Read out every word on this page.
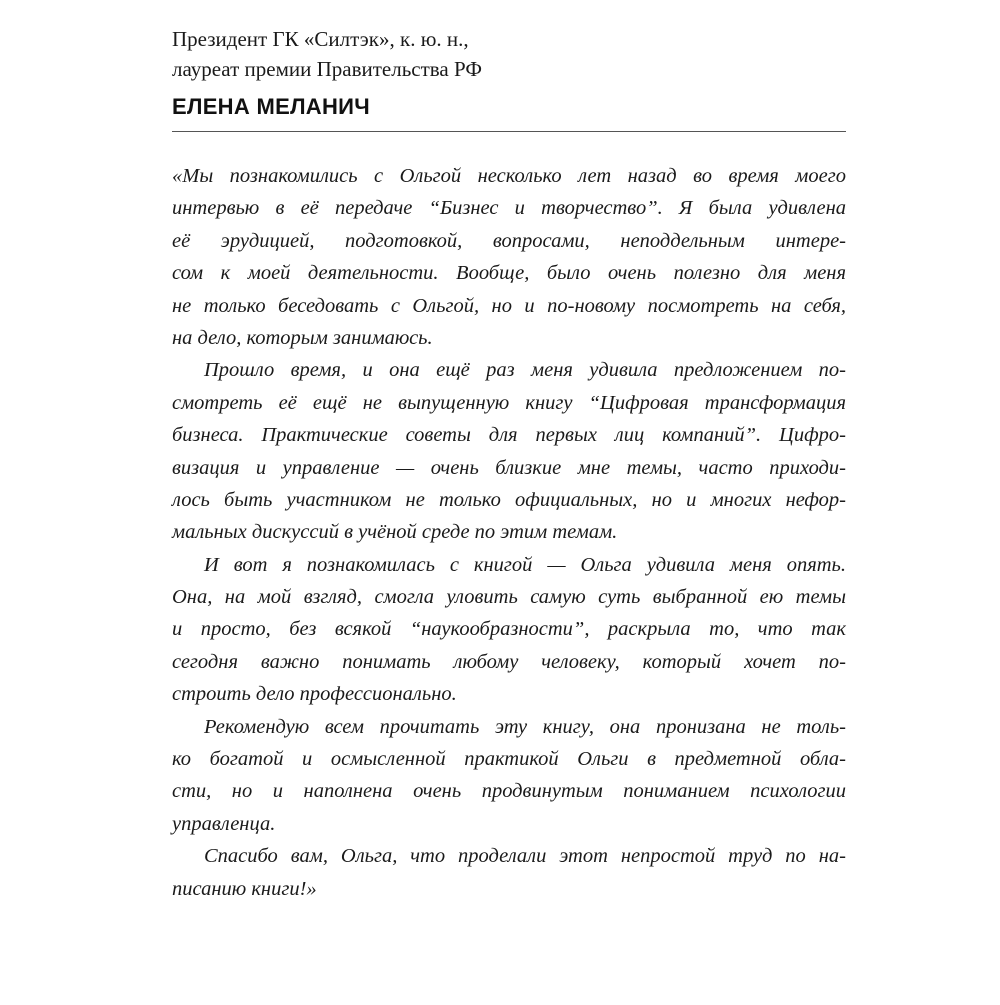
Президент ГК «Силтэк», к. ю. н.,
лауреат премии Правительства РФ
ЕЛЕНА МЕЛАНИЧ
«Мы познакомились с Ольгой несколько лет назад во время моего
интервью в её передаче “Бизнес и творчество”. Я была удивлена
её эрудицией, подготовкой, вопросами, неподдельным интере-
сом к моей деятельности. Вообще, было очень полезно для меня
не только беседовать с Ольгой, но и по-новому посмотреть на себя,
на дело, которым занимаюсь.
Прошло время, и она ещё раз меня удивила предложением по-
смотреть её ещё не выпущенную книгу “Цифровая трансформация
бизнеса. Практические советы для первых лиц компаний”. Цифро-
визация и управление — очень близкие мне темы, часто приходи-
лось быть участником не только официальных, но и многих нефор-
мальных дискуссий в учёной среде по этим темам.
И вот я познакомилась с книгой — Ольга удивила меня опять.
Она, на мой взгляд, смогла уловить самую суть выбранной ею темы
и просто, без всякой “наукообразности”, раскрыла то, что так
сегодня важно понимать любому человеку, который хочет по-
строить дело профессионально.
Рекомендую всем прочитать эту книгу, она пронизана не толь-
ко богатой и осмысленной практикой Ольги в предметной обла-
сти, но и наполнена очень продвинутым пониманием психологии
управленца.
Спасибо вам, Ольга, что проделали этот непростой труд по на-
писанию книги!»
